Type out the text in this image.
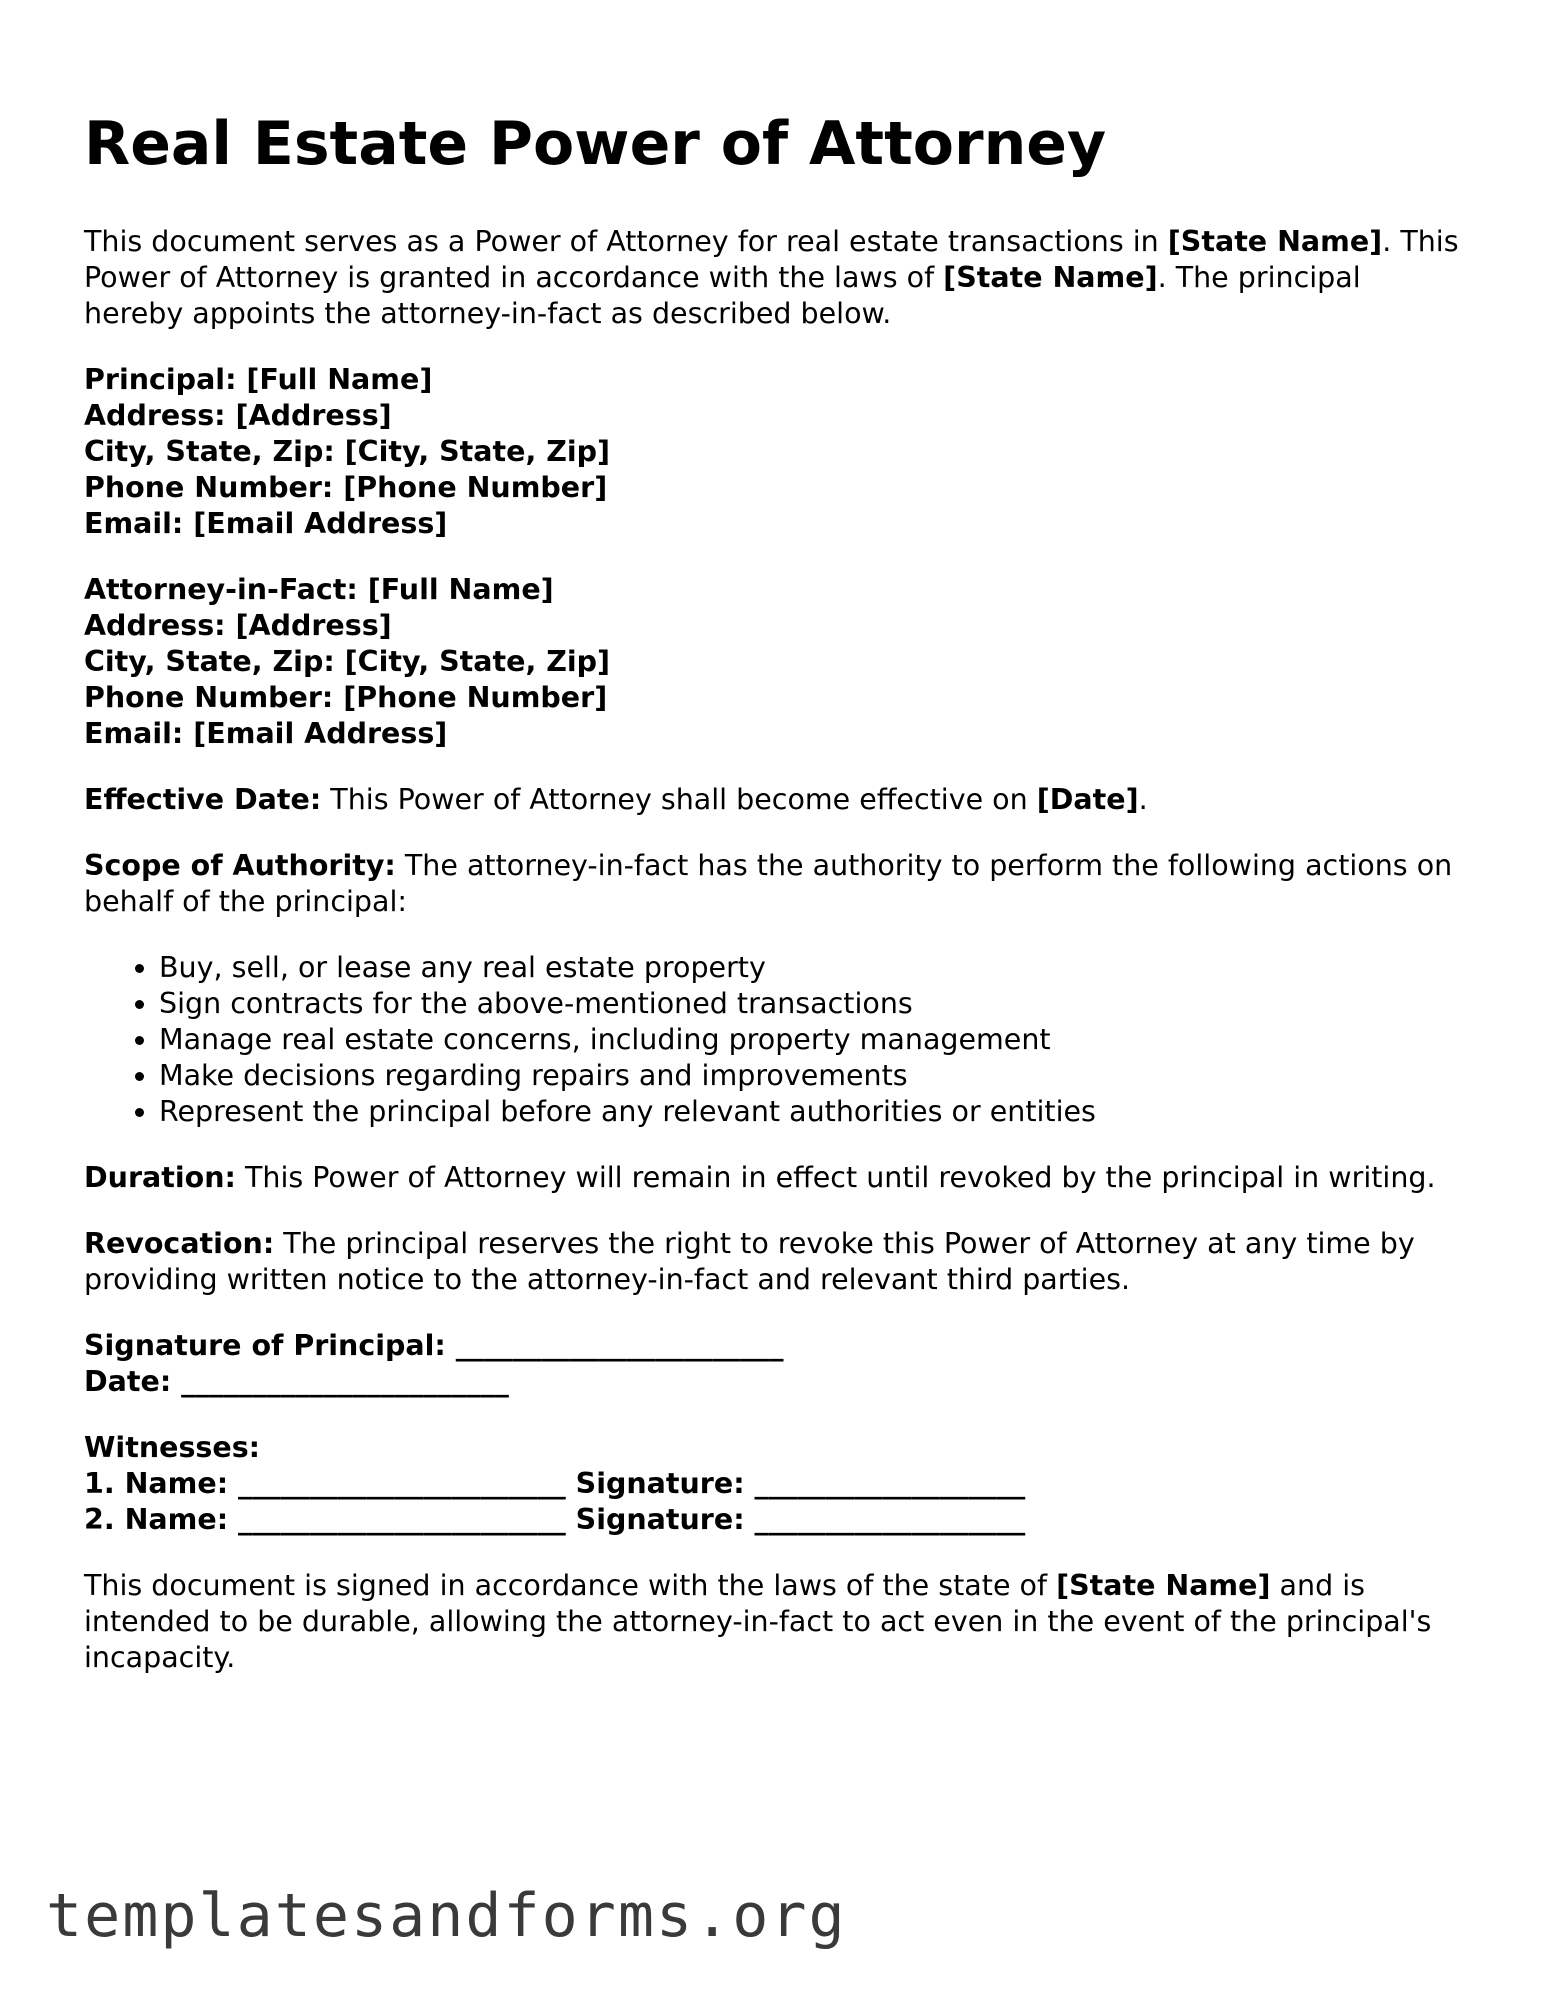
Real Estate Power of Attorney

This document serves as a Power of Attorney for real estate transactions in [State Name]. This Power of Attorney is granted in accordance with the laws of [State Name]. The principal hereby appoints the attorney-in-fact as described below.

Principal: [Full Name]
Address: [Address]
City, State, Zip: [City, State, Zip]
Phone Number: [Phone Number]
Email: [Email Address]
Attorney-in-Fact: [Full Name]
Address: [Address]
City, State, Zip: [City, State, Zip]
Phone Number: [Phone Number]
Email: [Email Address]

Effective Date: This Power of Attorney shall become effective on [Date].

Scope of Authority: The attorney-in-fact has the authority to perform the following actions on behalf of the principal:

• Buy, sell, or lease any real estate property
• Sign contracts for the above-mentioned transactions
• Manage real estate concerns, including property management
• Make decisions regarding repairs and improvements
• Represent the principal before any relevant authorities or entities

Duration: This Power of Attorney will remain in effect until revoked by the principal in writing.

Revocation: The principal reserves the right to revoke this Power of Attorney at any time by providing written notice to the attorney-in-fact and relevant third parties.

Signature of Principal: _______________________
Date: _______________________
Witnesses:
1. Name: _______________________ Signature: ___________________
2. Name: _______________________ Signature: ___________________

This document is signed in accordance with the laws of the state of [State Name] and is intended to be durable, allowing the attorney-in-fact to act even in the event of the principal's incapacity.

templatesandforms.org
